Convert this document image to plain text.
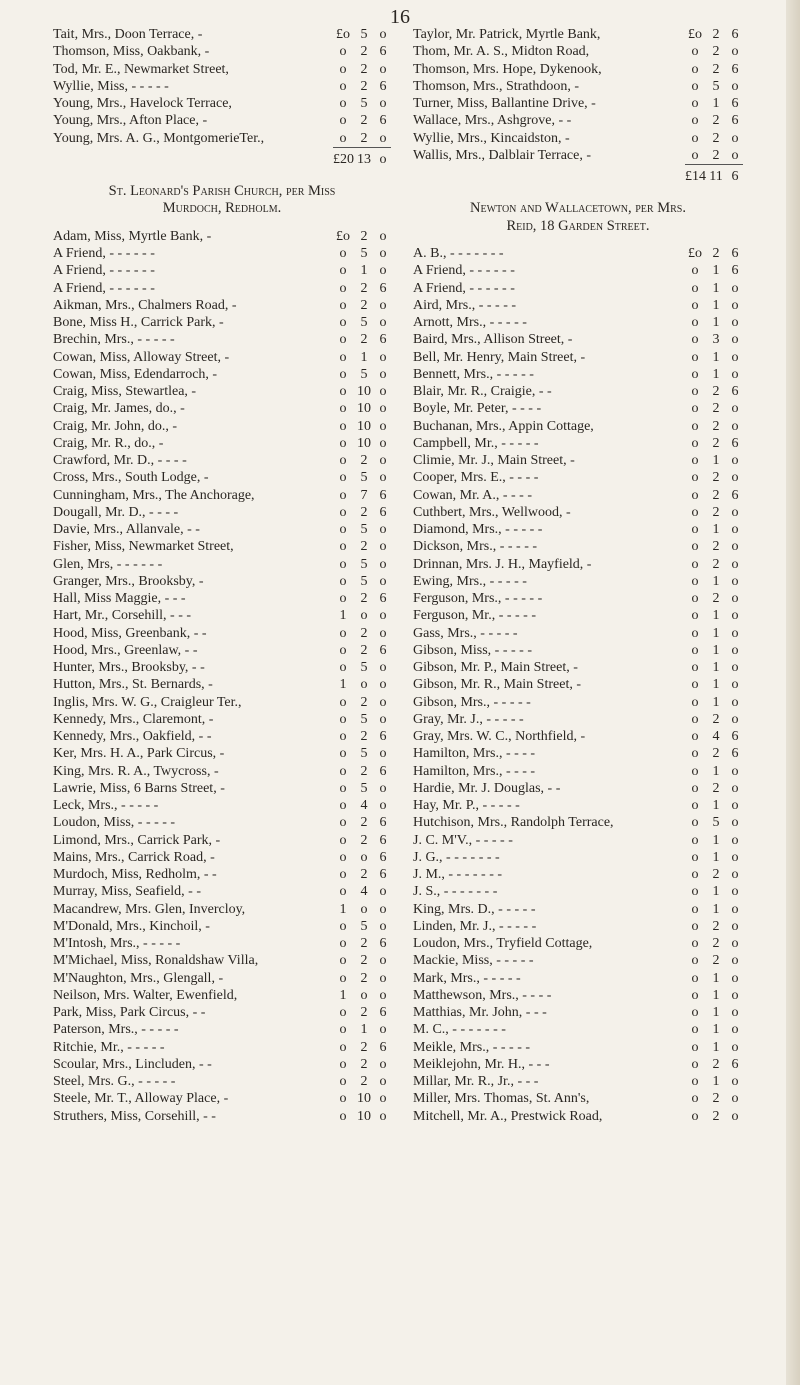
16
Tait, Mrs., Doon Terrace, -	£o 5 o
Thomson, Miss, Oakbank, -	o	2 6
Tod, Mr. E., Newmarket Street,	o	2 o
Wyllie, Miss, - - - - -	o	2 6
Young, Mrs., Havelock Terrace,	o	5 o
Young, Mrs., Afton Place, -	o	2 6
Young, Mrs. A. G., MontgomerieTer.,	o	2 o
£20 13 o
St. Leonard's Parish Church, per Miss
Murdoch, Redholm.
Adam, Miss, Myrtle Bank, -	£o 2 o
A Friend, - - - - - -	o	5 o
A Friend, - - - - - -	o	1 o
A Friend, - - - - - -	o	2 6
Aikman, Mrs., Chalmers Road, -	o	2 o
Bone, Miss H., Carrick Park, -	o	5 o
Brechin, Mrs., - - - - -	o	2 6
Cowan, Miss, Alloway Street, -	o	1 o
Cowan, Miss, Edendarroch, -	o	5 o
Craig, Miss, Stewartlea, -	o 10 o
Craig, Mr. James, do., -	o 10 o
Craig, Mr. John, do., -	o 10 o
Craig, Mr. R., do., -	o 10 o
Crawford, Mr. D., - - - -	o	2 o
Cross, Mrs., South Lodge, -	o	5 o
Cunningham, Mrs., The Anchorage,	o	7 6
Dougall, Mr. D., - - - -	o	2 6
Davie, Mrs., Allanvale, - -	o	5 o
Fisher, Miss, Newmarket Street,	o	2 o
Glen, Mrs, - - - - - -	o	5 o
Granger, Mrs., Brooksby, -	o	5 o
Hall, Miss Maggie, - - -	o	2 6
Hart, Mr., Corsehill, - - -	1	o o
Hood, Miss, Greenbank, - -	o	2 o
Hood, Mrs., Greenlaw, - -	o	2 6
Hunter, Mrs., Brooksby, - -	o	5 o
Hutton, Mrs., St. Bernards, -	1	o o
Inglis, Mrs. W. G., Craigleur Ter.,	o	2 o
Kennedy, Mrs., Claremont, -	o	5 o
Kennedy, Mrs., Oakfield, - -	o	2 6
Ker, Mrs. H. A., Park Circus, -	o	5 o
King, Mrs. R. A., Twycross, -	o	2 6
Lawrie, Miss, 6 Barns Street, -	o	5 o
Leck, Mrs., - - - - -	o	4 o
Loudon, Miss, - - - - -	o	2 6
Limond, Mrs., Carrick Park, -	o	2 6
Mains, Mrs., Carrick Road, -	o	o 6
Murdoch, Miss, Redholm, - -	o	2 6
Murray, Miss, Seafield, - -	o	4 o
Macandrew, Mrs. Glen, Invercloy,	1	o o
M'Donald, Mrs., Kinchoil, -	o	5 o
M'Intosh, Mrs., - - - - -	o	2 6
M'Michael, Miss, Ronaldshaw Villa,	o	2 o
M'Naughton, Mrs., Glengall, -	o	2 o
Neilson, Mrs. Walter, Ewenfield,	1	o o
Park, Miss, Park Circus, - -	o	2 6
Paterson, Mrs., - - - - -	o	1 o
Ritchie, Mr., - - - - -	o	2 6
Scoular, Mrs., Lincluden, - -	o	2 o
Steel, Mrs. G., - - - - -	o	2 o
Steele, Mr. T., Alloway Place, -	o 10 o
Struthers, Miss, Corsehill, - -	o 10 o
Taylor, Mr. Patrick, Myrtle Bank,	£o 2 6
Thom, Mr. A. S., Midton Road,	o	2 o
Thomson, Mrs. Hope, Dykenook,	o	2 6
Thomson, Mrs., Strathdoon, -	o	5 o
Turner, Miss, Ballantine Drive, -	o	1 6
Wallace, Mrs., Ashgrove, - -	o	2 6
Wyllie, Mrs., Kincaidston, -	o	2 o
Wallis, Mrs., Dalblair Terrace, -	o	2 o
£14 11 6
Newton and Wallacetown, per Mrs.
Reid, 18 Garden Street.
A. B., - - - - - - -	£o 2 6
A Friend, - - - - - -	o	1 6
A Friend, - - - - - -	o	1 o
Aird, Mrs., - - - - -	o	1 o
Arnott, Mrs., - - - - -	o	1 o
Baird, Mrs., Allison Street, -	o	3 o
Bell, Mr. Henry, Main Street, -	o	1 o
Bennett, Mrs., - - - - -	o	1 o
Blair, Mr. R., Craigie, - -	o	2 6
Boyle, Mr. Peter, - - - -	o	2 o
Buchanan, Mrs., Appin Cottage,	o	2 o
Campbell, Mr., - - - - -	o	2 6
Climie, Mr. J., Main Street, -	o	1 o
Cooper, Mrs. E., - - - -	o	2 o
Cowan, Mr. A., - - - -	o	2 6
Cuthbert, Mrs., Wellwood, -	o	2 o
Diamond, Mrs., - - - - -	o	1 o
Dickson, Mrs., - - - - -	o	2 o
Drinnan, Mrs. J. H., Mayfield, -	o	2 o
Ewing, Mrs., - - - - -	o	1 o
Ferguson, Mrs., - - - - -	o	2 o
Ferguson, Mr., - - - - -	o	1 o
Gass, Mrs., - - - - -	o	1 o
Gibson, Miss, - - - - -	o	1 o
Gibson, Mr. P., Main Street, -	o	1 o
Gibson, Mr. R., Main Street, -	o	1 o
Gibson, Mrs., - - - - -	o	1 o
Gray, Mr. J., - - - - -	o	2 o
Gray, Mrs. W. C., Northfield, -	o	4 6
Hamilton, Mrs., - - - -	o	2 6
Hamilton, Mrs., - - - -	o	1 o
Hardie, Mr. J. Douglas, - -	o	2 o
Hay, Mr. P., - - - - -	o	1 o
Hutchison, Mrs., Randolph Terrace,	o	5 o
J. C. M'V., - - - - -	o	1 o
J. G., - - - - - - -	o	1 o
J. M., - - - - - - -	o	2 o
J. S., - - - - - - -	o	1 o
King, Mrs. D., - - - - -	o	1 o
Linden, Mr. J., - - - - -	o	2 o
Loudon, Mrs., Tryfield Cottage,	o	2 o
Mackie, Miss, - - - - -	o	2 o
Mark, Mrs., - - - - -	o	1 o
Matthewson, Mrs., - - - -	o	1 o
Matthias, Mr. John, - - -	o	1 o
M. C., - - - - - - -	o	1 o
Meikle, Mrs., - - - - -	o	1 o
Meiklejohn, Mr. H., - - -	o	2 6
Millar, Mr. R., Jr., - - -	o	1 o
Miller, Mrs. Thomas, St. Ann's,	o	2 o
Mitchell, Mr. A., Prestwick Road,	o	2 o
